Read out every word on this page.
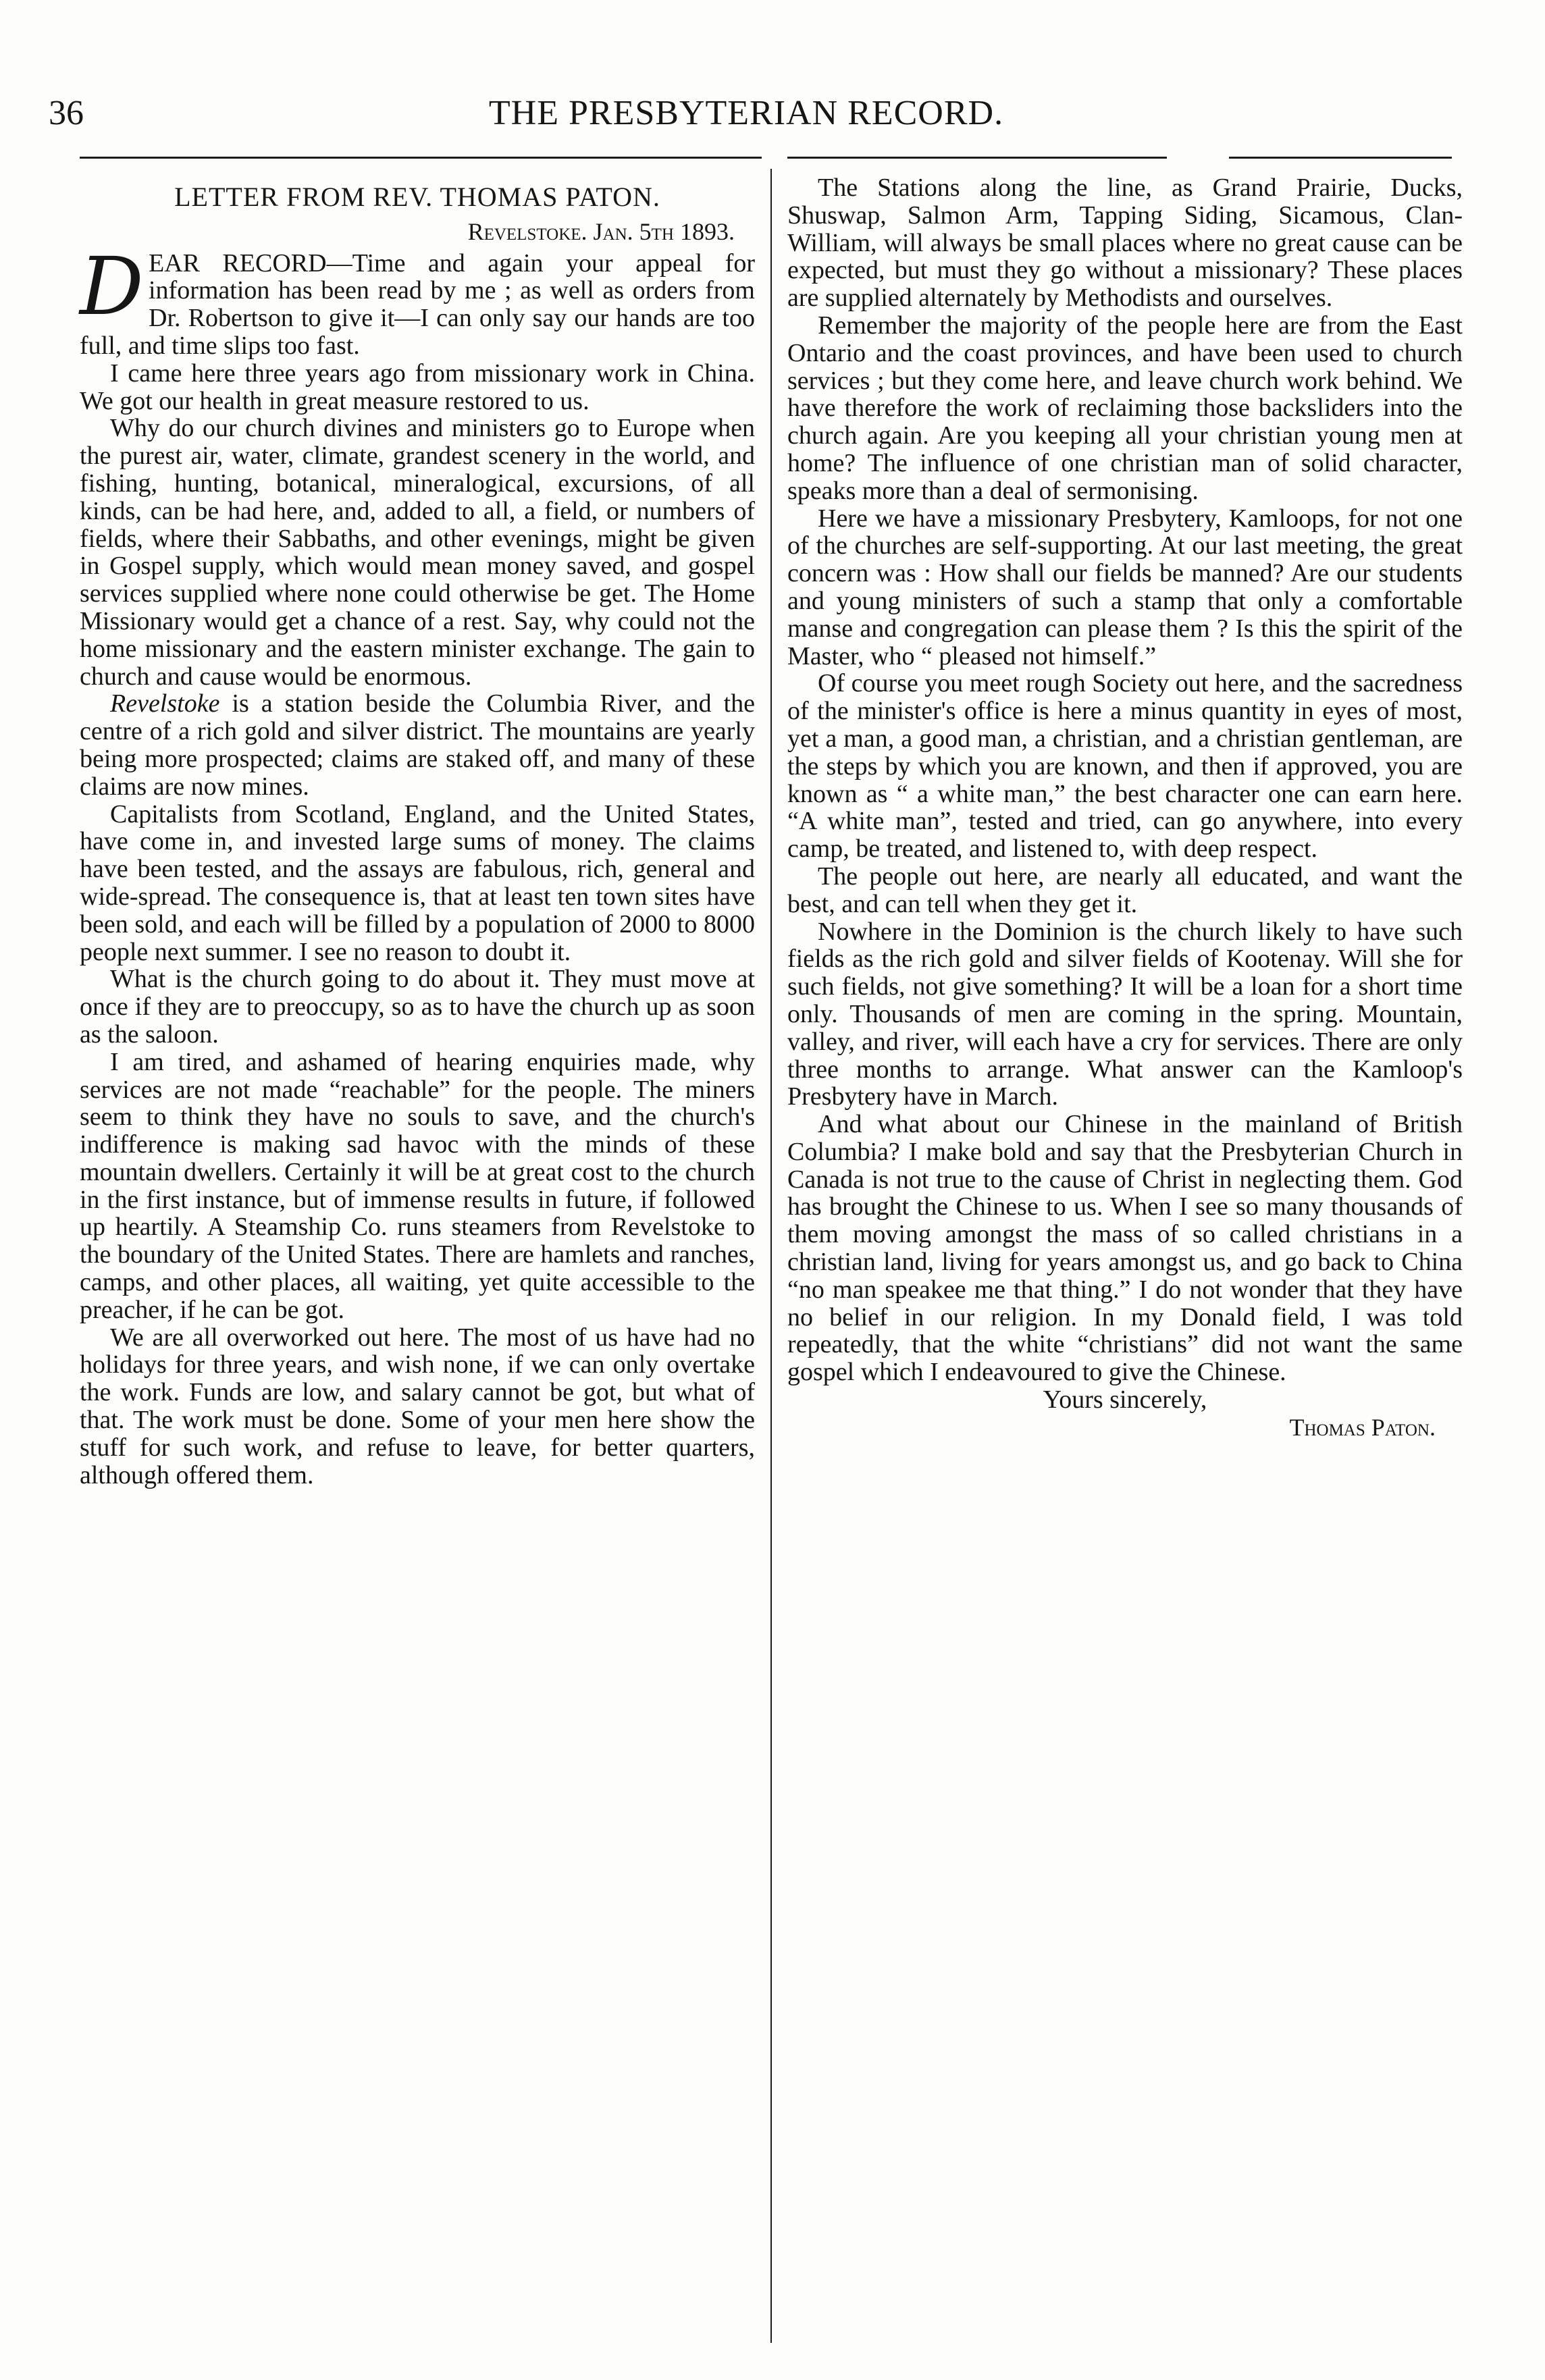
36	THE PRESBYTERIAN RECORD.
LETTER FROM REV. THOMAS PATON.
Revelstoke. Jan. 5th 1893.

DEAR RECORD—Time and again your appeal for information has been read by me ; as well as orders from Dr. Robertson to give it—I can only say our hands are too full, and time slips too fast.

I came here three years ago from missionary work in China. We got our health in great measure restored to us.

Why do our church divines and ministers go to Europe when the purest air, water, climate, grandest scenery in the world, and fishing, hunting, botanical, mineralogical, excursions, of all kinds, can be had here, and, added to all, a field, or numbers of fields, where their Sabbaths, and other evenings, might be given in Gospel supply, which would mean money saved, and gospel services supplied where none could otherwise be get. The Home Missionary would get a chance of a rest. Say, why could not the home missionary and the eastern minister exchange. The gain to church and cause would be enormous.

Revelstoke is a station beside the Columbia River, and the centre of a rich gold and silver district. The mountains are yearly being more prospected; claims are staked off, and many of these claims are now mines.

Capitalists from Scotland, England, and the United States, have come in, and invested large sums of money. The claims have been tested, and the assays are fabulous, rich, general and wide-spread. The consequence is, that at least ten town sites have been sold, and each will be filled by a population of 2000 to 8000 people next summer. I see no reason to doubt it.

What is the church going to do about it. They must move at once if they are to preoccupy, so as to have the church up as soon as the saloon.

I am tired, and ashamed of hearing enquiries made, why services are not made “reachable” for the people. The miners seem to think they have no souls to save, and the church's indifference is making sad havoc with the minds of these mountain dwellers. Certainly it will be at great cost to the church in the first instance, but of immense results in future, if followed up heartily. A Steamship Co. runs steamers from Revelstoke to the boundary of the United States. There are hamlets and ranches, camps, and other places, all waiting, yet quite accessible to the preacher, if he can be got.

We are all overworked out here. The most of us have had no holidays for three years, and wish none, if we can only overtake the work. Funds are low, and salary cannot be got, but what of that. The work must be done. Some of your men here show the stuff for such work, and refuse to leave, for better quarters, although offered them.

The Stations along the line, as Grand Prairie, Ducks, Shuswap, Salmon Arm, Tapping Siding, Sicamous, Clan-William, will always be small places where no great cause can be expected, but must they go without a missionary? These places are supplied alternately by Methodists and ourselves.

Remember the majority of the people here are from the East Ontario and the coast provinces, and have been used to church services ; but they come here, and leave church work behind. We have therefore the work of reclaiming those backsliders into the church again. Are you keeping all your christian young men at home? The influence of one christian man of solid character, speaks more than a deal of sermonising.

Here we have a missionary Presbytery, Kamloops, for not one of the churches are self-supporting. At our last meeting, the great concern was : How shall our fields be manned? Are our students and young ministers of such a stamp that only a comfortable manse and congregation can please them ? Is this the spirit of the Master, who “ pleased not himself.”

Of course you meet rough Society out here, and the sacredness of the minister's office is here a minus quantity in eyes of most, yet a man, a good man, a christian, and a christian gentleman, are the steps by which you are known, and then if approved, you are known as “ a white man,” the best character one can earn here. “A white man”, tested and tried, can go anywhere, into every camp, be treated, and listened to, with deep respect.

The people out here, are nearly all educated, and want the best, and can tell when they get it.

Nowhere in the Dominion is the church likely to have such fields as the rich gold and silver fields of Kootenay. Will she for such fields, not give something? It will be a loan for a short time only. Thousands of men are coming in the spring. Mountain, valley, and river, will each have a cry for services. There are only three months to arrange. What answer can the Kamloop's Presbytery have in March.

And what about our Chinese in the mainland of British Columbia? I make bold and say that the Presbyterian Church in Canada is not true to the cause of Christ in neglecting them. God has brought the Chinese to us. When I see so many thousands of them moving amongst the mass of so called christians in a christian land, living for years amongst us, and go back to China “no man speakee me that thing.” I do not wonder that they have no belief in our religion. In my Donald field, I was told repeatedly, that the white “christians” did not want the same gospel which I endeavoured to give the Chinese.

Yours sincerely,

Thomas Paton.
